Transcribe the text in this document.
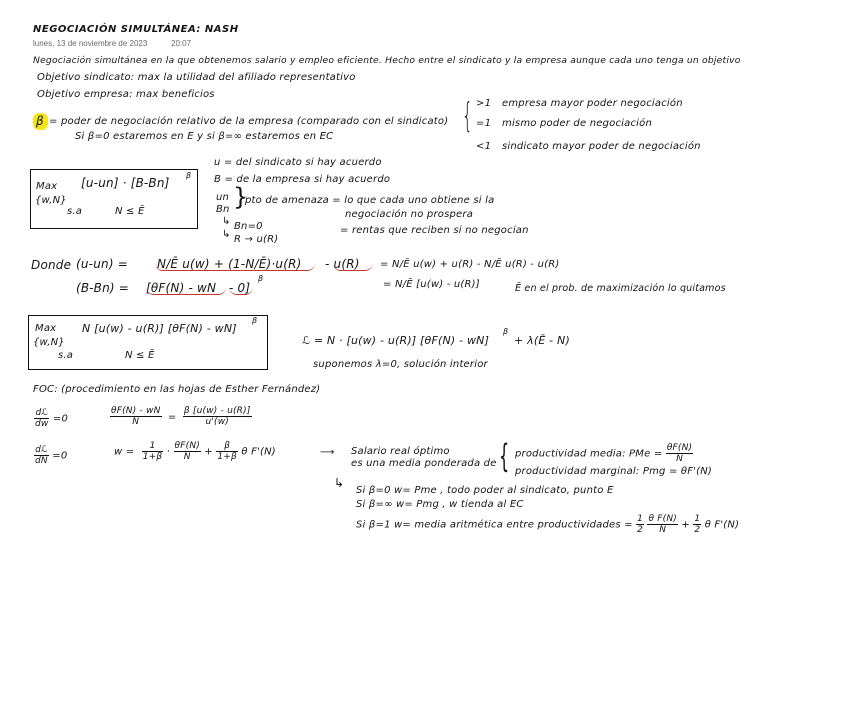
NEGOCIACIÓN SIMULTÁNEA: NASH
lunes, 13 de noviembre de 2023	20:07
Negociación simultánea en la que obtenemos salario y empleo eficiente. Hecho entre el sindicato y la empresa aunque cada uno tenga un objetivo
Objetivo sindicato: max la utilidad del afiliado representativo
Objetivo empresa: max beneficios
β = poder de negociación relativo de la empresa (comparado con el sindicato)
Si β=0 estaremos en E y si β=∞ estaremos en EC
{ >1 empresa mayor poder negociación
=1 mismo poder de negociación
<1 sindicato mayor poder de negociación
Max
{w,N}
[u-un] · [B-Bn]
β
s.a	N ≤ Ē
u = del sindicato si hay acuerdo
B = de la empresa si hay acuerdo
un
Bn }
pto de amenaza = lo que cada uno obtiene si la
negociación no prospera
↳ Bn=0
↳ R → u(R)
= rentas que reciben si no negocian
Donde (u-un) = N/Ē u(w) + (1-N/Ē)·u(R) - u(R) = N/Ē u(w) + u(R) - N/Ē u(R) - u(R)
(B-Bn) = [θF(N) - wN - 0]
β
= N/Ē [u(w) - u(R)]	Ē en el prob. de maximización lo quitamos
Max
{w,N}
N [u(w) - u(R)] [θF(N) - wN]
β
s.a	N ≤ Ē
ℒ = N · [u(w) - u(R)] [θF(N) - wN]
β
+ λ(Ē - N)
suponemos λ=0, solución interior
FOC: (procedimiento en las hojas de Esther Fernández)
$\frac{\text{dℒ}}{dw} =0$	$\frac{\theta F(N) - wN}{N} = \frac{\beta [u(w) - u(R)]}{u'(w)}$
$\frac{\text{dℒ}}{dN} =0$	$w = \frac{1}{1+\beta} \cdot \frac{\theta F(N)}{N} + \frac{\beta}{1+\beta}$ θ F'(N)	⟶ Salario real óptimo
es una media ponderada de { productividad media: PMe = $\frac{\theta F(N)}{N}$
productividad marginal: Pmg = θF'(N)
↳
Si β=0 w= Pme , todo poder al sindicato, punto E
Si β=∞ w= Pmg , w tienda al EC
Si β=1 w= media aritmética entre productividades = $\frac{1}{2}$
$\frac{\text{θ F(N)}}{N} + \frac{1}{2}$ θ F'(N)
